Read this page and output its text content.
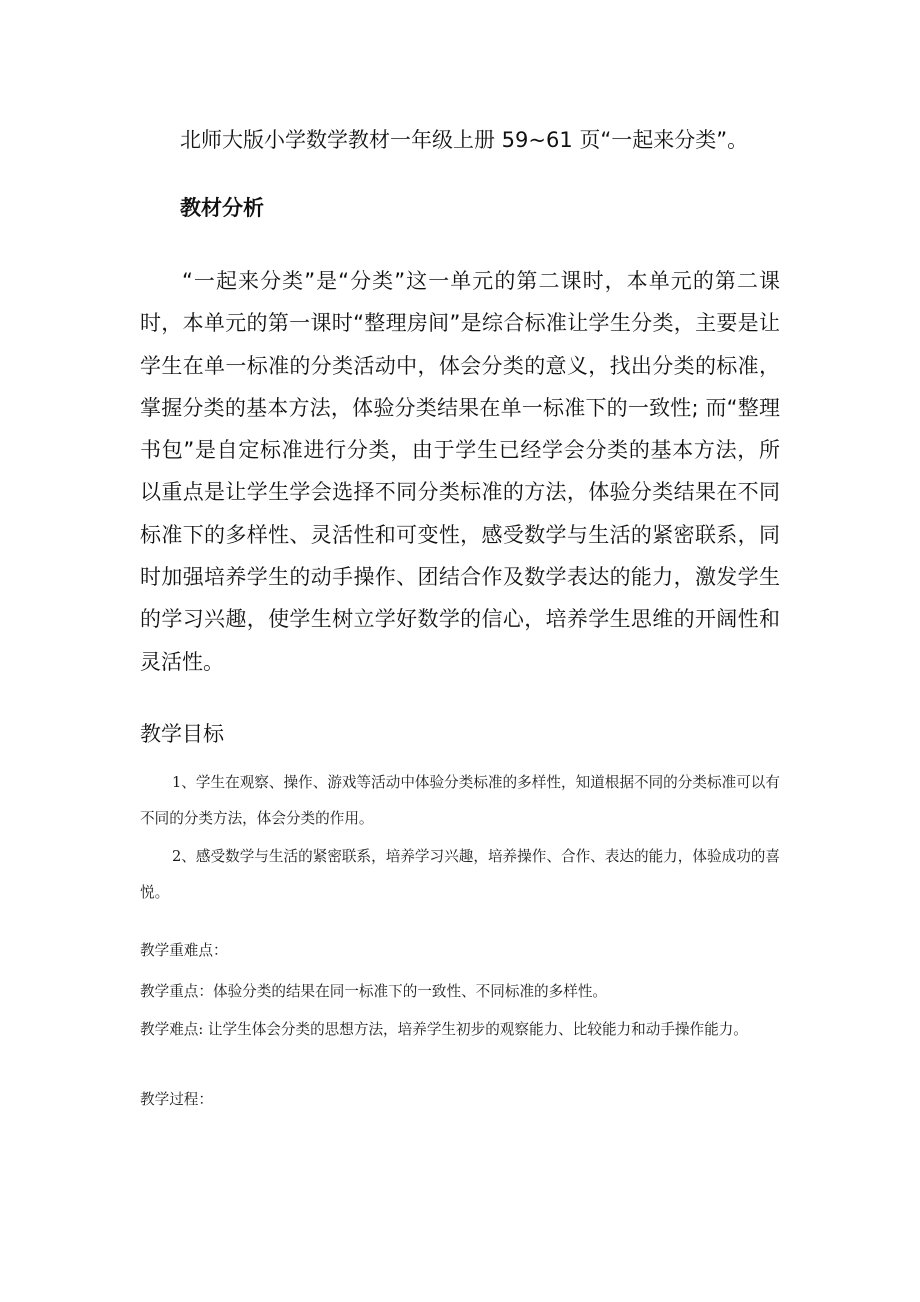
北师大版小学数学教材一年级上册 59~61 页“一起来分类”。
教材分析

“一起来分类”是“分类”这一单元的第二课时，本单元的第二课时，本单元的第一课时“整理房间”是综合标准让学生分类，主要是让学生在单一标准的分类活动中，体会分类的意义，找出分类的标准，掌握分类的基本方法，体验分类结果在单一标准下的一致性; 而“整理书包”是自定标准进行分类，由于学生已经学会分类的基本方法，所以重点是让学生学会选择不同分类标准的方法，体验分类结果在不同标准下的多样性、灵活性和可变性，感受数学与生活的紧密联系，同时加强培养学生的动手操作、团结合作及数学表达的能力，激发学生的学习兴趣，使学生树立学好数学的信心，培养学生思维的开阔性和灵活性。

教学目标

1、学生在观察、操作、游戏等活动中体验分类标准的多样性，知道根据不同的分类标准可以有不同的分类方法，体会分类的作用。

2、感受数学与生活的紧密联系，培养学习兴趣，培养操作、合作、表达的能力，体验成功的喜悦。

教学重难点：

教学重点：体验分类的结果在同一标准下的一致性、不同标准的多样性。

教学难点: 让学生体会分类的思想方法，培养学生初步的观察能力、比较能力和动手操作能力。

教学过程：
